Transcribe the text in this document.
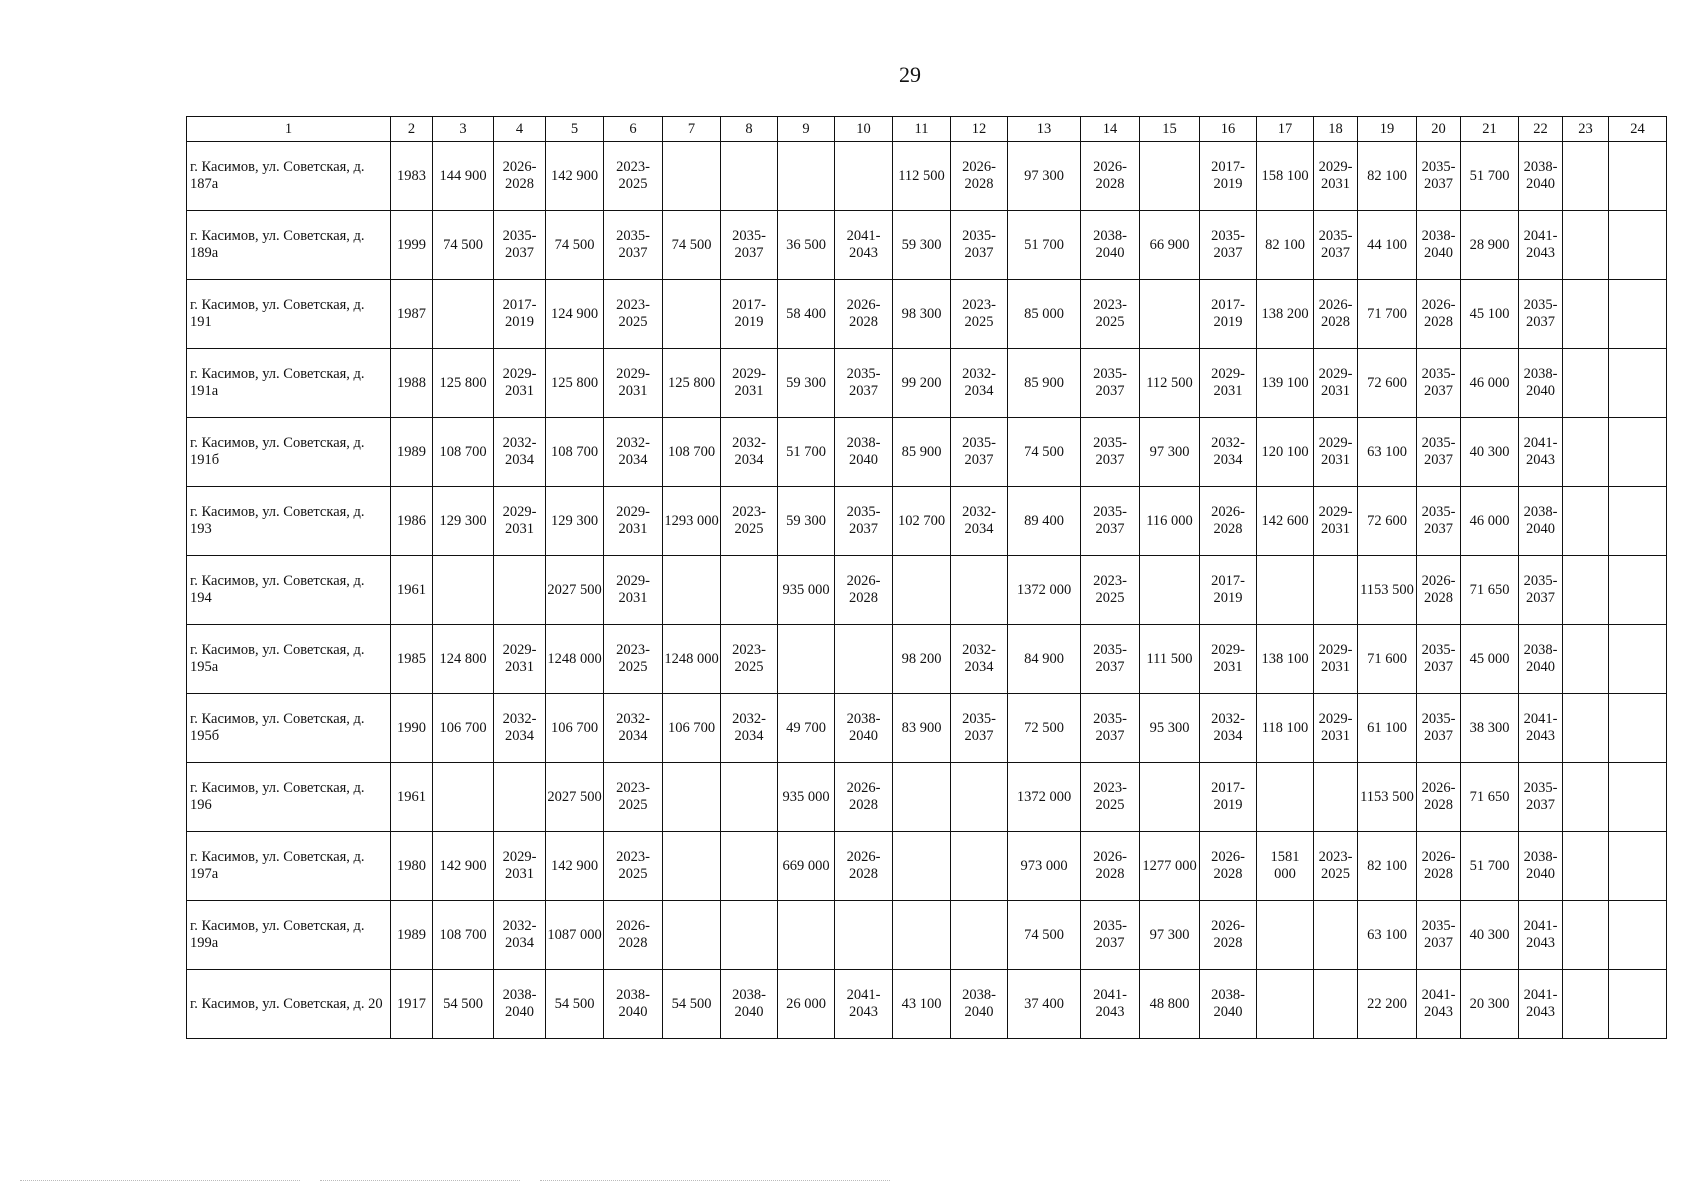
29
1	2	3	4	5	6	7	8	9	10	11	12	13	14	15	16	17	18	19	20	21	22	23	24
г. Касимов, ул. Советская, д. 187а	1983	144 900	2026-2028	142 900	2023-2025					112 500	2026-2028	97 300	2026-2028		2017-2019	158 100	2029-2031	82 100	2035-2037	51 700	2038-2040		
г. Касимов, ул. Советская, д. 189а	1999	74 500	2035-2037	74 500	2035-2037	74 500	2035-2037	36 500	2041-2043	59 300	2035-2037	51 700	2038-2040	66 900	2035-2037	82 100	2035-2037	44 100	2038-2040	28 900	2041-2043		
г. Касимов, ул. Советская, д. 191	1987		2017-2019	124 900	2023-2025		2017-2019	58 400	2026-2028	98 300	2023-2025	85 000	2023-2025		2017-2019	138 200	2026-2028	71 700	2026-2028	45 100	2035-2037		
г. Касимов, ул. Советская, д. 191а	1988	125 800	2029-2031	125 800	2029-2031	125 800	2029-2031	59 300	2035-2037	99 200	2032-2034	85 900	2035-2037	112 500	2029-2031	139 100	2029-2031	72 600	2035-2037	46 000	2038-2040		
г. Касимов, ул. Советская, д. 191б	1989	108 700	2032-2034	108 700	2032-2034	108 700	2032-2034	51 700	2038-2040	85 900	2035-2037	74 500	2035-2037	97 300	2032-2034	120 100	2029-2031	63 100	2035-2037	40 300	2041-2043		
г. Касимов, ул. Советская, д. 193	1986	129 300	2029-2031	129 300	2029-2031	1293 000	2023-2025	59 300	2035-2037	102 700	2032-2034	89 400	2035-2037	116 000	2026-2028	142 600	2029-2031	72 600	2035-2037	46 000	2038-2040		
г. Касимов, ул. Советская, д. 194	1961			2027 500	2029-2031			935 000	2026-2028			1372 000	2023-2025		2017-2019			1153 500	2026-2028	71 650	2035-2037		
г. Касимов, ул. Советская, д. 195а	1985	124 800	2029-2031	1248 000	2023-2025	1248 000	2023-2025			98 200	2032-2034	84 900	2035-2037	111 500	2029-2031	138 100	2029-2031	71 600	2035-2037	45 000	2038-2040		
г. Касимов, ул. Советская, д. 195б	1990	106 700	2032-2034	106 700	2032-2034	106 700	2032-2034	49 700	2038-2040	83 900	2035-2037	72 500	2035-2037	95 300	2032-2034	118 100	2029-2031	61 100	2035-2037	38 300	2041-2043		
г. Касимов, ул. Советская, д. 196	1961			2027 500	2023-2025			935 000	2026-2028			1372 000	2023-2025		2017-2019			1153 500	2026-2028	71 650	2035-2037		
г. Касимов, ул. Советская, д. 197а	1980	142 900	2029-2031	142 900	2023-2025			669 000	2026-2028			973 000	2026-2028	1277 000	2026-2028	1581 000	2023-2025	82 100	2026-2028	51 700	2038-2040		
г. Касимов, ул. Советская, д. 199а	1989	108 700	2032-2034	1087 000	2026-2028							74 500	2035-2037	97 300	2026-2028			63 100	2035-2037	40 300	2041-2043		
г. Касимов, ул. Советская, д. 20	1917	54 500	2038-2040	54 500	2038-2040	54 500	2038-2040	26 000	2041-2043	43 100	2038-2040	37 400	2041-2043	48 800	2038-2040			22 200	2041-2043	20 300	2041-2043		
